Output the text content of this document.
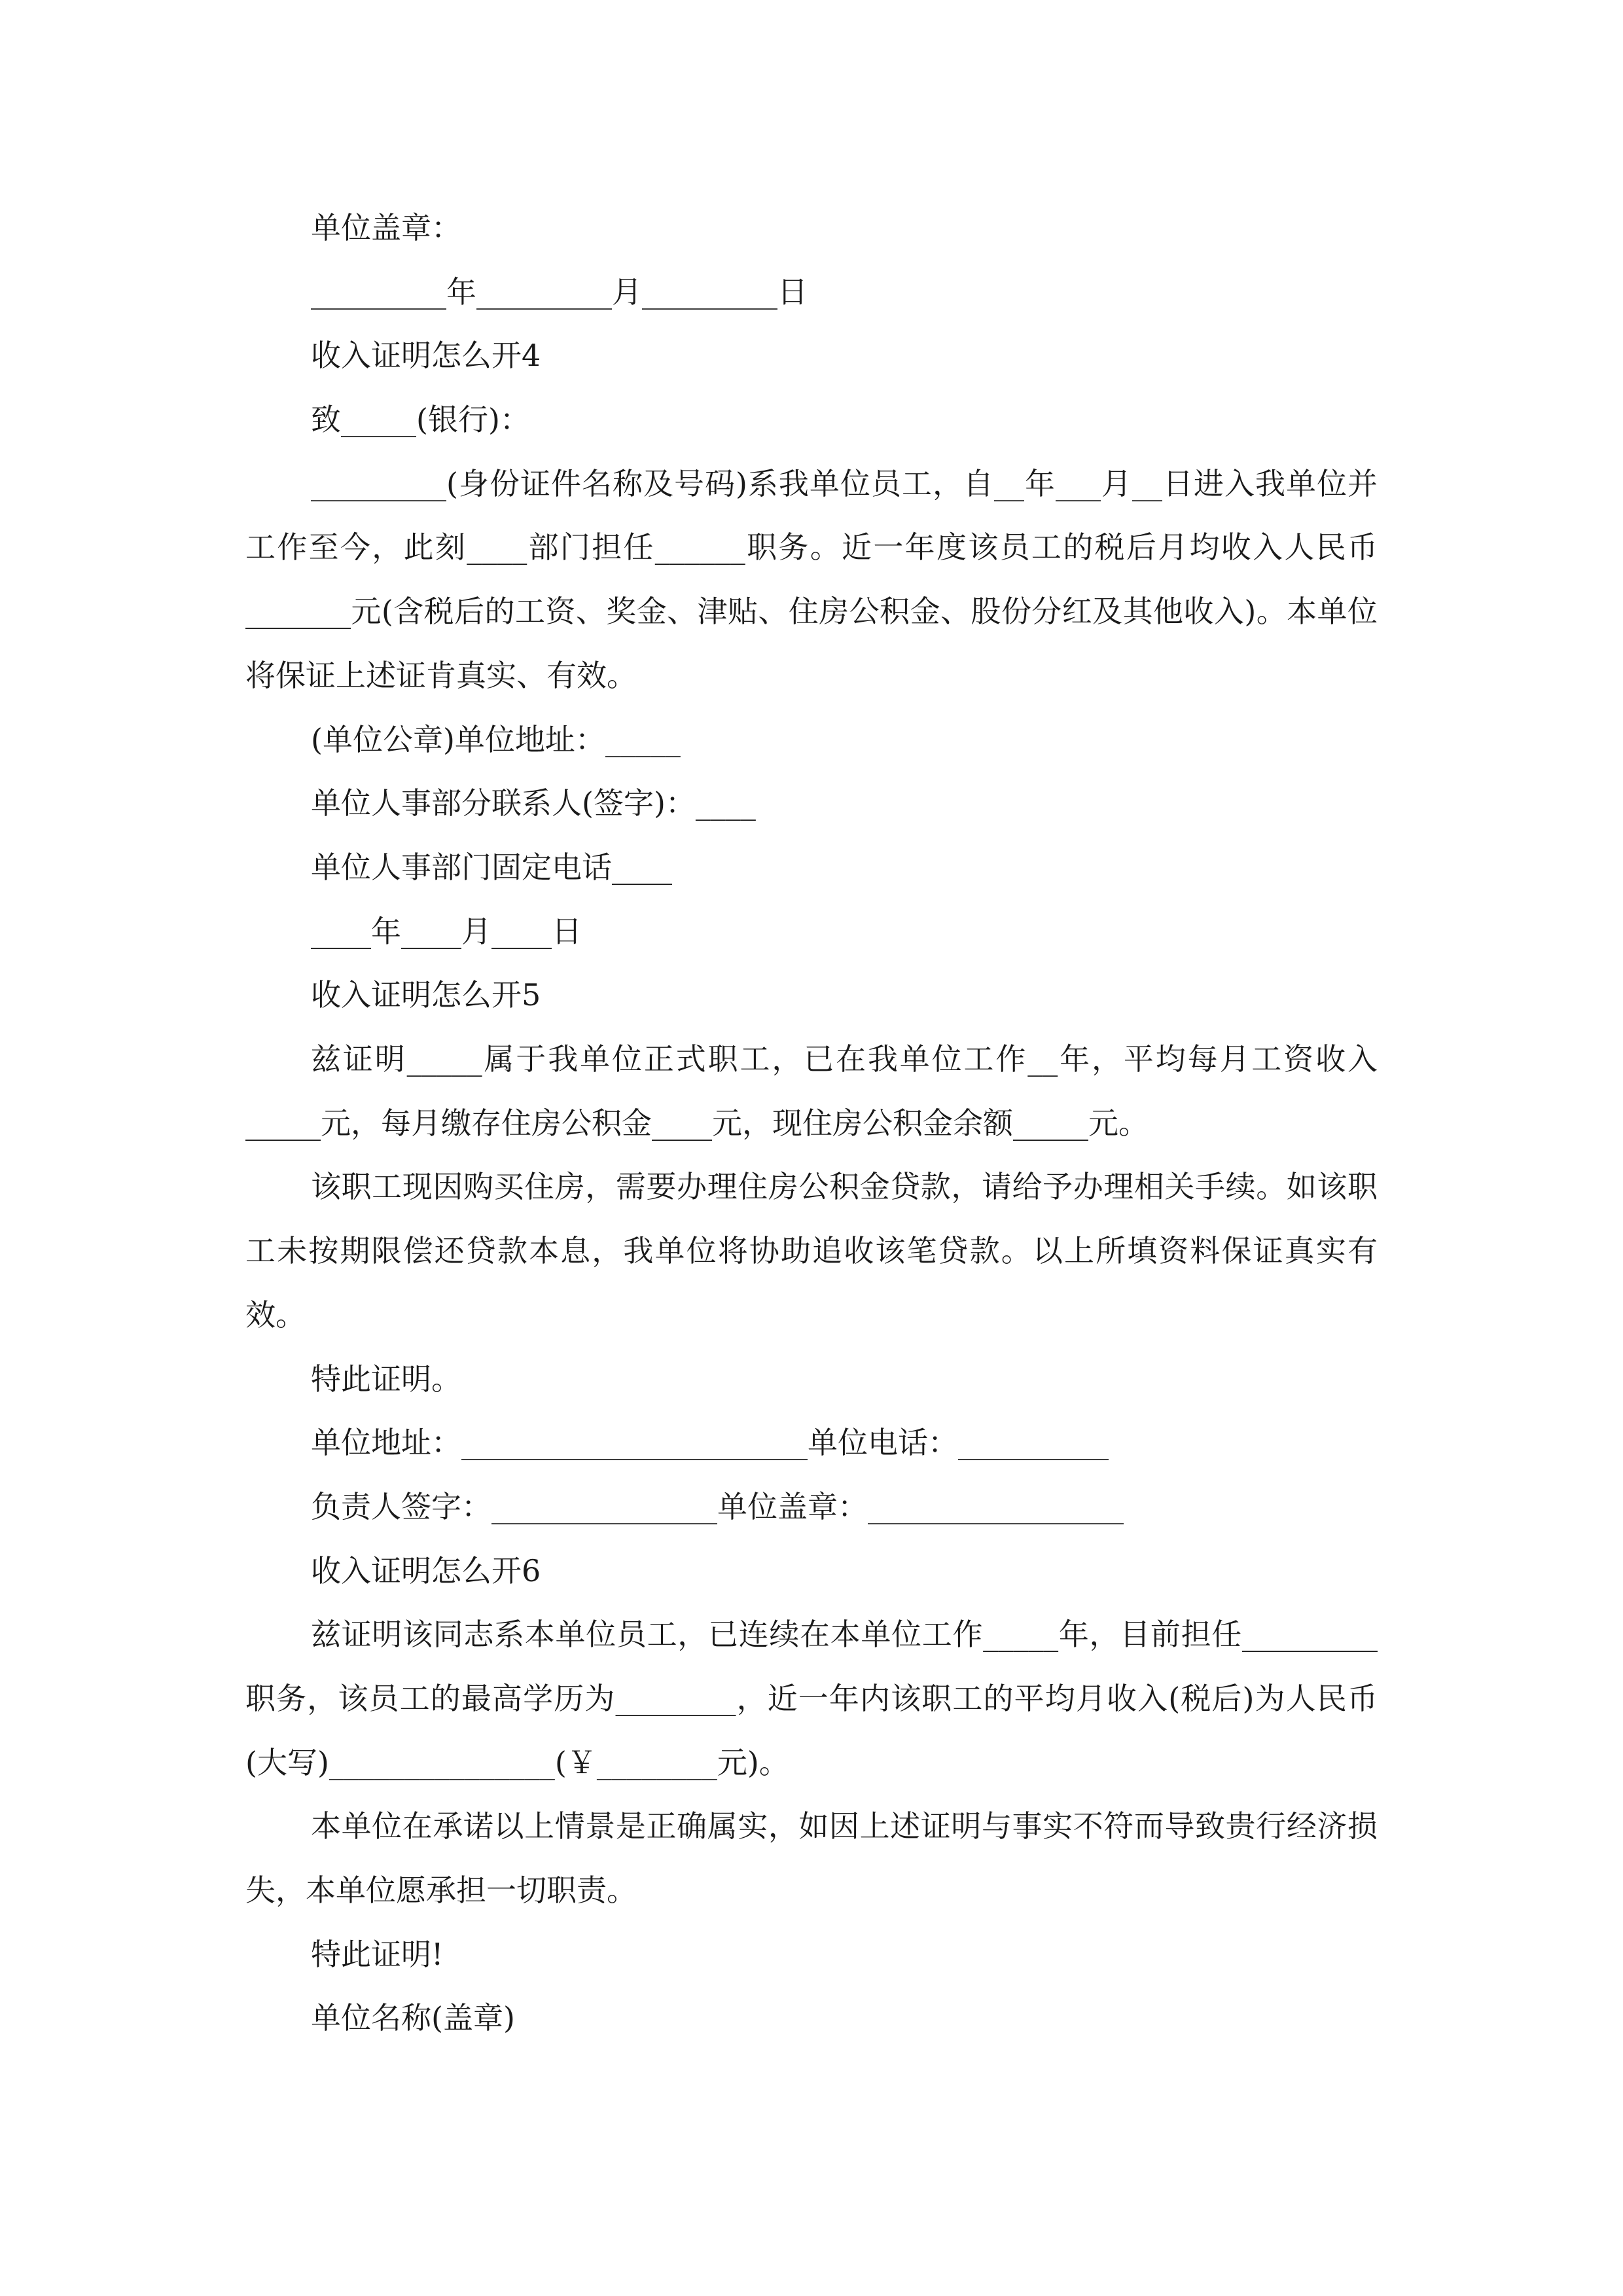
单位盖章：
_________年_________月_________日
收入证明怎么开4
致_____(银行)：
_________(身份证件名称及号码)系我单位员工，自__年___月__日进入我单位并工作至今，此刻____部门担任______职务。近一年度该员工的税后月均收入人民币_______元(含税后的工资、奖金、津贴、住房公积金、股份分红及其他收入)。本单位将保证上述证肯真实、有效。
(单位公章)单位地址：_____
单位人事部分联系人(签字)：____
单位人事部门固定电话____
____年____月____日
收入证明怎么开5
兹证明_____属于我单位正式职工，已在我单位工作__年，平均每月工资收入_____元，每月缴存住房公积金____元，现住房公积金余额_____元。
该职工现因购买住房，需要办理住房公积金贷款，请给予办理相关手续。如该职工未按期限偿还贷款本息，我单位将协助追收该笔贷款。以上所填资料保证真实有效。
特此证明。
单位地址：_______________________单位电话：__________
负责人签字：_______________单位盖章：_________________
收入证明怎么开6
兹证明该同志系本单位员工，已连续在本单位工作_____年，目前担任_________职务，该员工的最高学历为________，近一年内该职工的平均月收入(税后)为人民币(大写)_______________(￥________元)。
本单位在承诺以上情景是正确属实，如因上述证明与事实不符而导致贵行经济损失，本单位愿承担一切职责。
特此证明!
单位名称(盖章)
